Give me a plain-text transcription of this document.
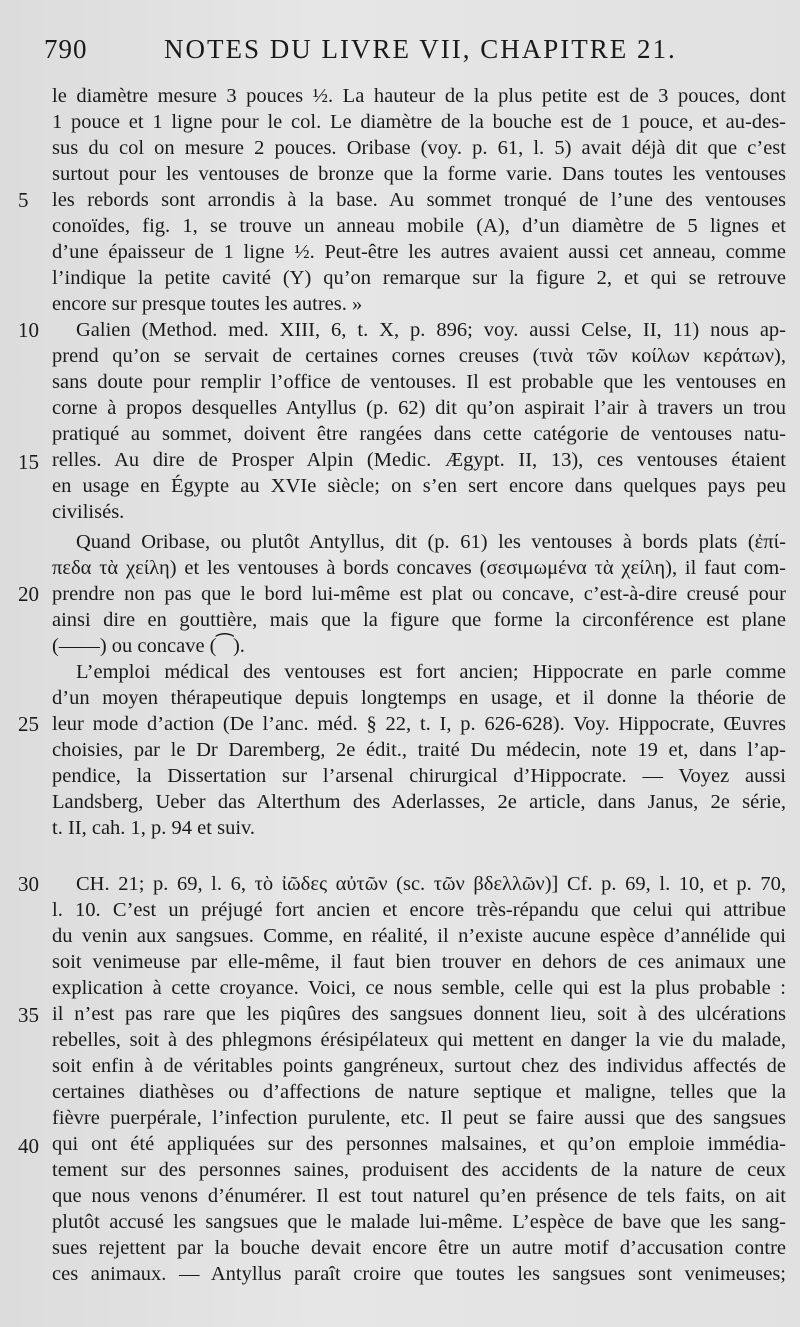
790	NOTES DU LIVRE VII, CHAPITRE 21.
5
10
15
20
25
30
35
40
le diamètre mesure 3 pouces ½. La hauteur de la plus petite est de 3 pouces, dont
1 pouce et 1 ligne pour le col. Le diamètre de la bouche est de 1 pouce, et au-des-
sus du col on mesure 2 pouces. Oribase (voy. p. 61, l. 5) avait déjà dit que c’est
surtout pour les ventouses de bronze que la forme varie. Dans toutes les ventouses
les rebords sont arrondis à la base. Au sommet tronqué de l’une des ventouses
conoïdes, fig. 1, se trouve un anneau mobile (A), d’un diamètre de 5 lignes et
d’une épaisseur de 1 ligne ½. Peut-être les autres avaient aussi cet anneau, comme
l’indique la petite cavité (Y) qu’on remarque sur la figure 2, et qui se retrouve
encore sur presque toutes les autres. »
Galien (Method. med. XIII, 6, t. X, p. 896; voy. aussi Celse, II, 11) nous ap-
prend qu’on se servait de certaines cornes creuses (τινὰ τῶν κοίλων κεράτων),
sans doute pour remplir l’office de ventouses. Il est probable que les ventouses en
corne à propos desquelles Antyllus (p. 62) dit qu’on aspirait l’air à travers un trou
pratiqué au sommet, doivent être rangées dans cette catégorie de ventouses natu-
relles. Au dire de Prosper Alpin (Medic. Ægypt. II, 13), ces ventouses étaient
en usage en Égypte au XVIe siècle; on s’en sert encore dans quelques pays peu
civilisés.
Quand Oribase, ou plutôt Antyllus, dit (p. 61) les ventouses à bords plats (ἐπί-
πεδα τὰ χείλη) et les ventouses à bords concaves (σεσιμωμένα τὰ χείλη), il faut com-
prendre non pas que le bord lui-même est plat ou concave, c’est-à-dire creusé pour
ainsi dire en gouttière, mais que la figure que forme la circonférence est plane
(——) ou concave (⁀).
L’emploi médical des ventouses est fort ancien; Hippocrate en parle comme
d’un moyen thérapeutique depuis longtemps en usage, et il donne la théorie de
leur mode d’action (De l’anc. méd. § 22, t. I, p. 626-628). Voy. Hippocrate, Œuvres
choisies, par le Dr Daremberg, 2e édit., traité Du médecin, note 19 et, dans l’ap-
pendice, la Dissertation sur l’arsenal chirurgical d’Hippocrate. — Voyez aussi
Landsberg, Ueber das Alterthum des Aderlasses, 2e article, dans Janus, 2e série,
t. II, cah. 1, p. 94 et suiv.
CH. 21; p. 69, l. 6, τὸ ἰῶδες αὐτῶν (sc. τῶν βδελλῶν)] Cf. p. 69, l. 10, et p. 70,
l. 10. C’est un préjugé fort ancien et encore très-répandu que celui qui attribue
du venin aux sangsues. Comme, en réalité, il n’existe aucune espèce d’annélide qui
soit venimeuse par elle-même, il faut bien trouver en dehors de ces animaux une
explication à cette croyance. Voici, ce nous semble, celle qui est la plus probable :
il n’est pas rare que les piqûres des sangsues donnent lieu, soit à des ulcérations
rebelles, soit à des phlegmons érésipélateux qui mettent en danger la vie du malade,
soit enfin à de véritables points gangréneux, surtout chez des individus affectés de
certaines diathèses ou d’affections de nature septique et maligne, telles que la
fièvre puerpérale, l’infection purulente, etc. Il peut se faire aussi que des sangsues
qui ont été appliquées sur des personnes malsaines, et qu’on emploie immédia-
tement sur des personnes saines, produisent des accidents de la nature de ceux
que nous venons d’énumérer. Il est tout naturel qu’en présence de tels faits, on ait
plutôt accusé les sangsues que le malade lui-même. L’espèce de bave que les sang-
sues rejettent par la bouche devait encore être un autre motif d’accusation contre
ces animaux. — Antyllus paraît croire que toutes les sangsues sont venimeuses;
